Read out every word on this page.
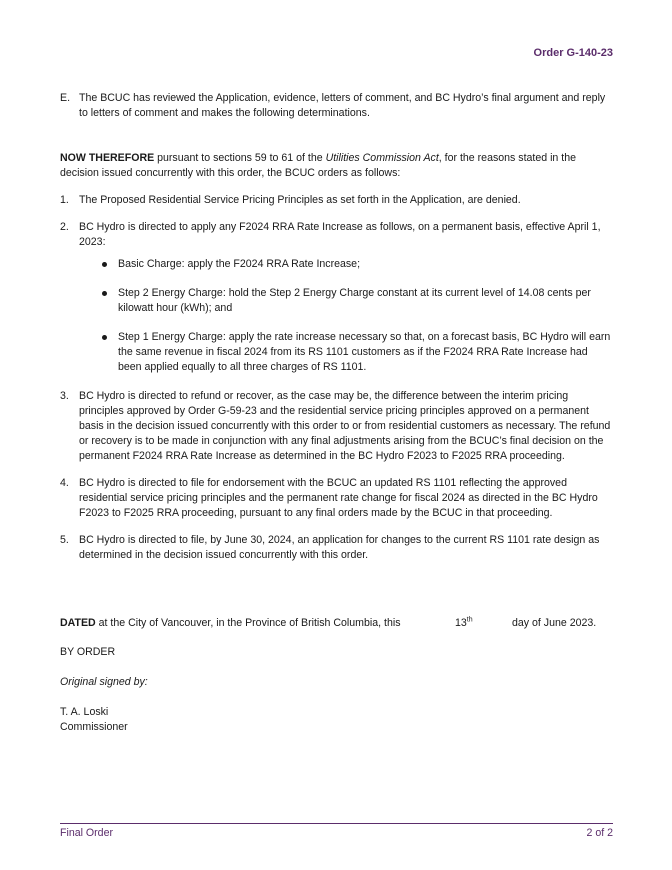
Order G-140-23
E. The BCUC has reviewed the Application, evidence, letters of comment, and BC Hydro’s final argument and reply to letters of comment and makes the following determinations.

NOW THEREFORE pursuant to sections 59 to 61 of the Utilities Commission Act, for the reasons stated in the decision issued concurrently with this order, the BCUC orders as follows:

1. The Proposed Residential Service Pricing Principles as set forth in the Application, are denied.

2. BC Hydro is directed to apply any F2024 RRA Rate Increase as follows, on a permanent basis, effective April 1, 2023:

Basic Charge: apply the F2024 RRA Rate Increase;
Step 2 Energy Charge: hold the Step 2 Energy Charge constant at its current level of 14.08 cents per kilowatt hour (kWh); and
Step 1 Energy Charge: apply the rate increase necessary so that, on a forecast basis, BC Hydro will earn the same revenue in fiscal 2024 from its RS 1101 customers as if the F2024 RRA Rate Increase had been applied equally to all three charges of RS 1101.
3. BC Hydro is directed to refund or recover, as the case may be, the difference between the interim pricing principles approved by Order G-59-23 and the residential service pricing principles approved on a permanent basis in the decision issued concurrently with this order to or from residential customers as necessary. The refund or recovery is to be made in conjunction with any final adjustments arising from the BCUC’s final decision on the permanent F2024 RRA Rate Increase as determined in the BC Hydro F2023 to F2025 RRA proceeding.

4. BC Hydro is directed to file for endorsement with the BCUC an updated RS 1101 reflecting the approved residential service pricing principles and the permanent rate change for fiscal 2024 as directed in the BC Hydro F2023 to F2025 RRA proceeding, pursuant to any final orders made by the BCUC in that proceeding.

5. BC Hydro is directed to file, by June 30, 2024, an application for changes to the current RS 1101 rate design as determined in the decision issued concurrently with this order.

DATED at the City of Vancouver, in the Province of British Columbia, this	13th	day of June 2023.
BY ORDER
Original signed by:
T. A. Loski
Commissioner
Final Order	2 of 2
